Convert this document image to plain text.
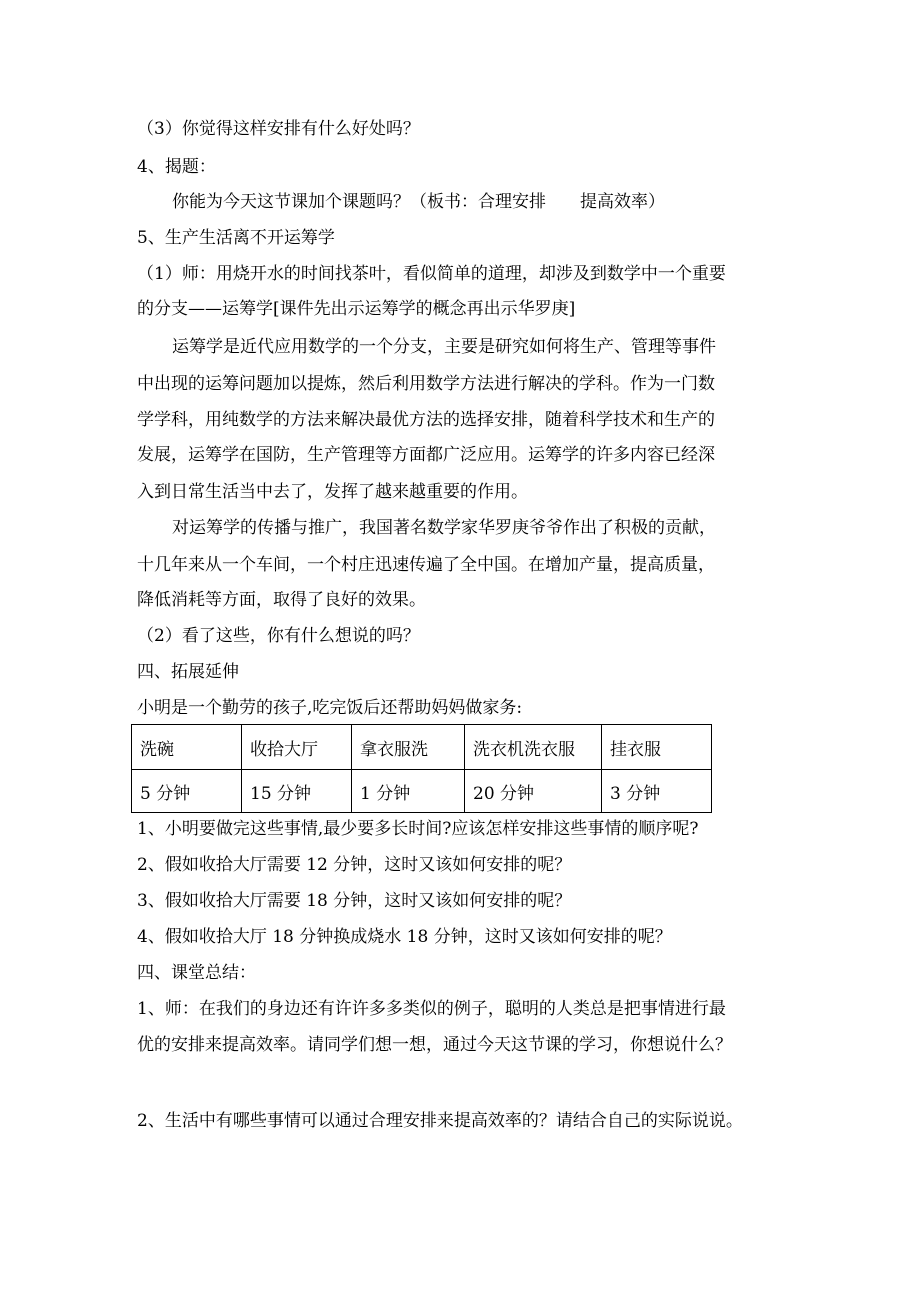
（3）你觉得这样安排有什么好处吗？
4、揭题：
你能为今天这节课加个课题吗？（板书：合理安排　　提高效率）
5、生产生活离不开运筹学
（1）师：用烧开水的时间找茶叶，看似简单的道理，却涉及到数学中一个重要
的分支——运筹学[课件先出示运筹学的概念再出示华罗庚]
运筹学是近代应用数学的一个分支，主要是研究如何将生产、管理等事件
中出现的运筹问题加以提炼，然后利用数学方法进行解决的学科。作为一门数
学学科，用纯数学的方法来解决最优方法的选择安排，随着科学技术和生产的
发展，运筹学在国防，生产管理等方面都广泛应用。运筹学的许多内容已经深
入到日常生活当中去了，发挥了越来越重要的作用。
对运筹学的传播与推广，我国著名数学家华罗庚爷爷作出了积极的贡献，
十几年来从一个车间，一个村庄迅速传遍了全中国。在增加产量，提高质量，
降低消耗等方面，取得了良好的效果。
（2）看了这些，你有什么想说的吗？
四、拓展延伸
小明是一个勤劳的孩子,吃完饭后还帮助妈妈做家务:
洗碗	收拾大厅	拿衣服洗	洗衣机洗衣服	挂衣服
5 分钟	15 分钟	1 分钟	20 分钟	3 分钟
1、小明要做完这些事情,最少要多长时间?应该怎样安排这些事情的顺序呢?
2、假如收拾大厅需要 12 分钟，这时又该如何安排的呢？
3、假如收拾大厅需要 18 分钟，这时又该如何安排的呢？
4、假如收拾大厅 18 分钟换成烧水 18 分钟，这时又该如何安排的呢？
四、课堂总结：
1、师：在我们的身边还有许许多多类似的例子，聪明的人类总是把事情进行最
优的安排来提高效率。请同学们想一想，通过今天这节课的学习，你想说什么？
2、生活中有哪些事情可以通过合理安排来提高效率的？请结合自己的实际说说。
